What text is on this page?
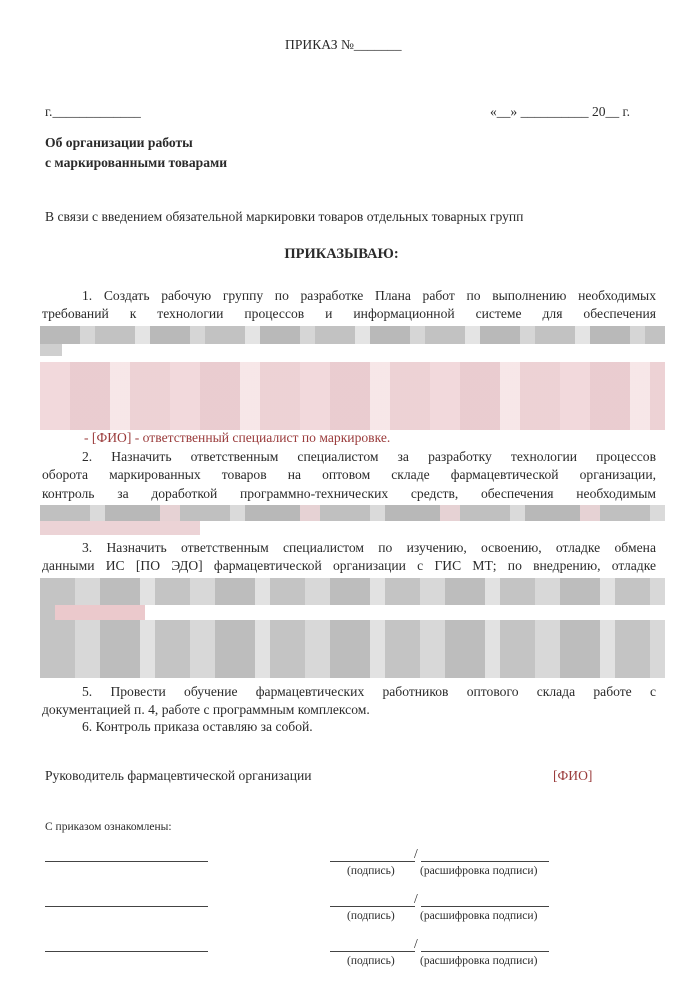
ПРИКАЗ №_______
г._____________	«__» __________ 20__ г.
Об организации работы
с маркированными товарами
В связи с введением обязательной маркировки товаров отдельных товарных групп
ПРИКАЗЫВАЮ:
1. Создать рабочую группу по разработке Плана работ по выполнению необходимых
требований к технологии процессов и информационной системе для обеспечения
- [ФИО] - ответственный специалист по маркировке.
2. Назначить ответственным специалистом за разработку технологии процессов
оборота маркированных товаров на оптовом складе фармацевтической организации,
контроль за доработкой программно-технических средств, обеспечения необходимым
3. Назначить ответственным специалистом по изучению, освоению, отладке обмена
данными ИС [ПО ЭДО] фармацевтической организации с ГИС МТ; по внедрению, отладке
5. Провести обучение фармацевтических работников оптового склада работе с
документацией п. 4, работе с программным комплексом.
6. Контроль приказа оставляю за собой.
Руководитель фармацевтической организации	[ФИО]
С приказом ознакомлены:
/
(подпись) (расшифровка подписи)
/
(подпись) (расшифровка подписи)
/
(подпись) (расшифровка подписи)
